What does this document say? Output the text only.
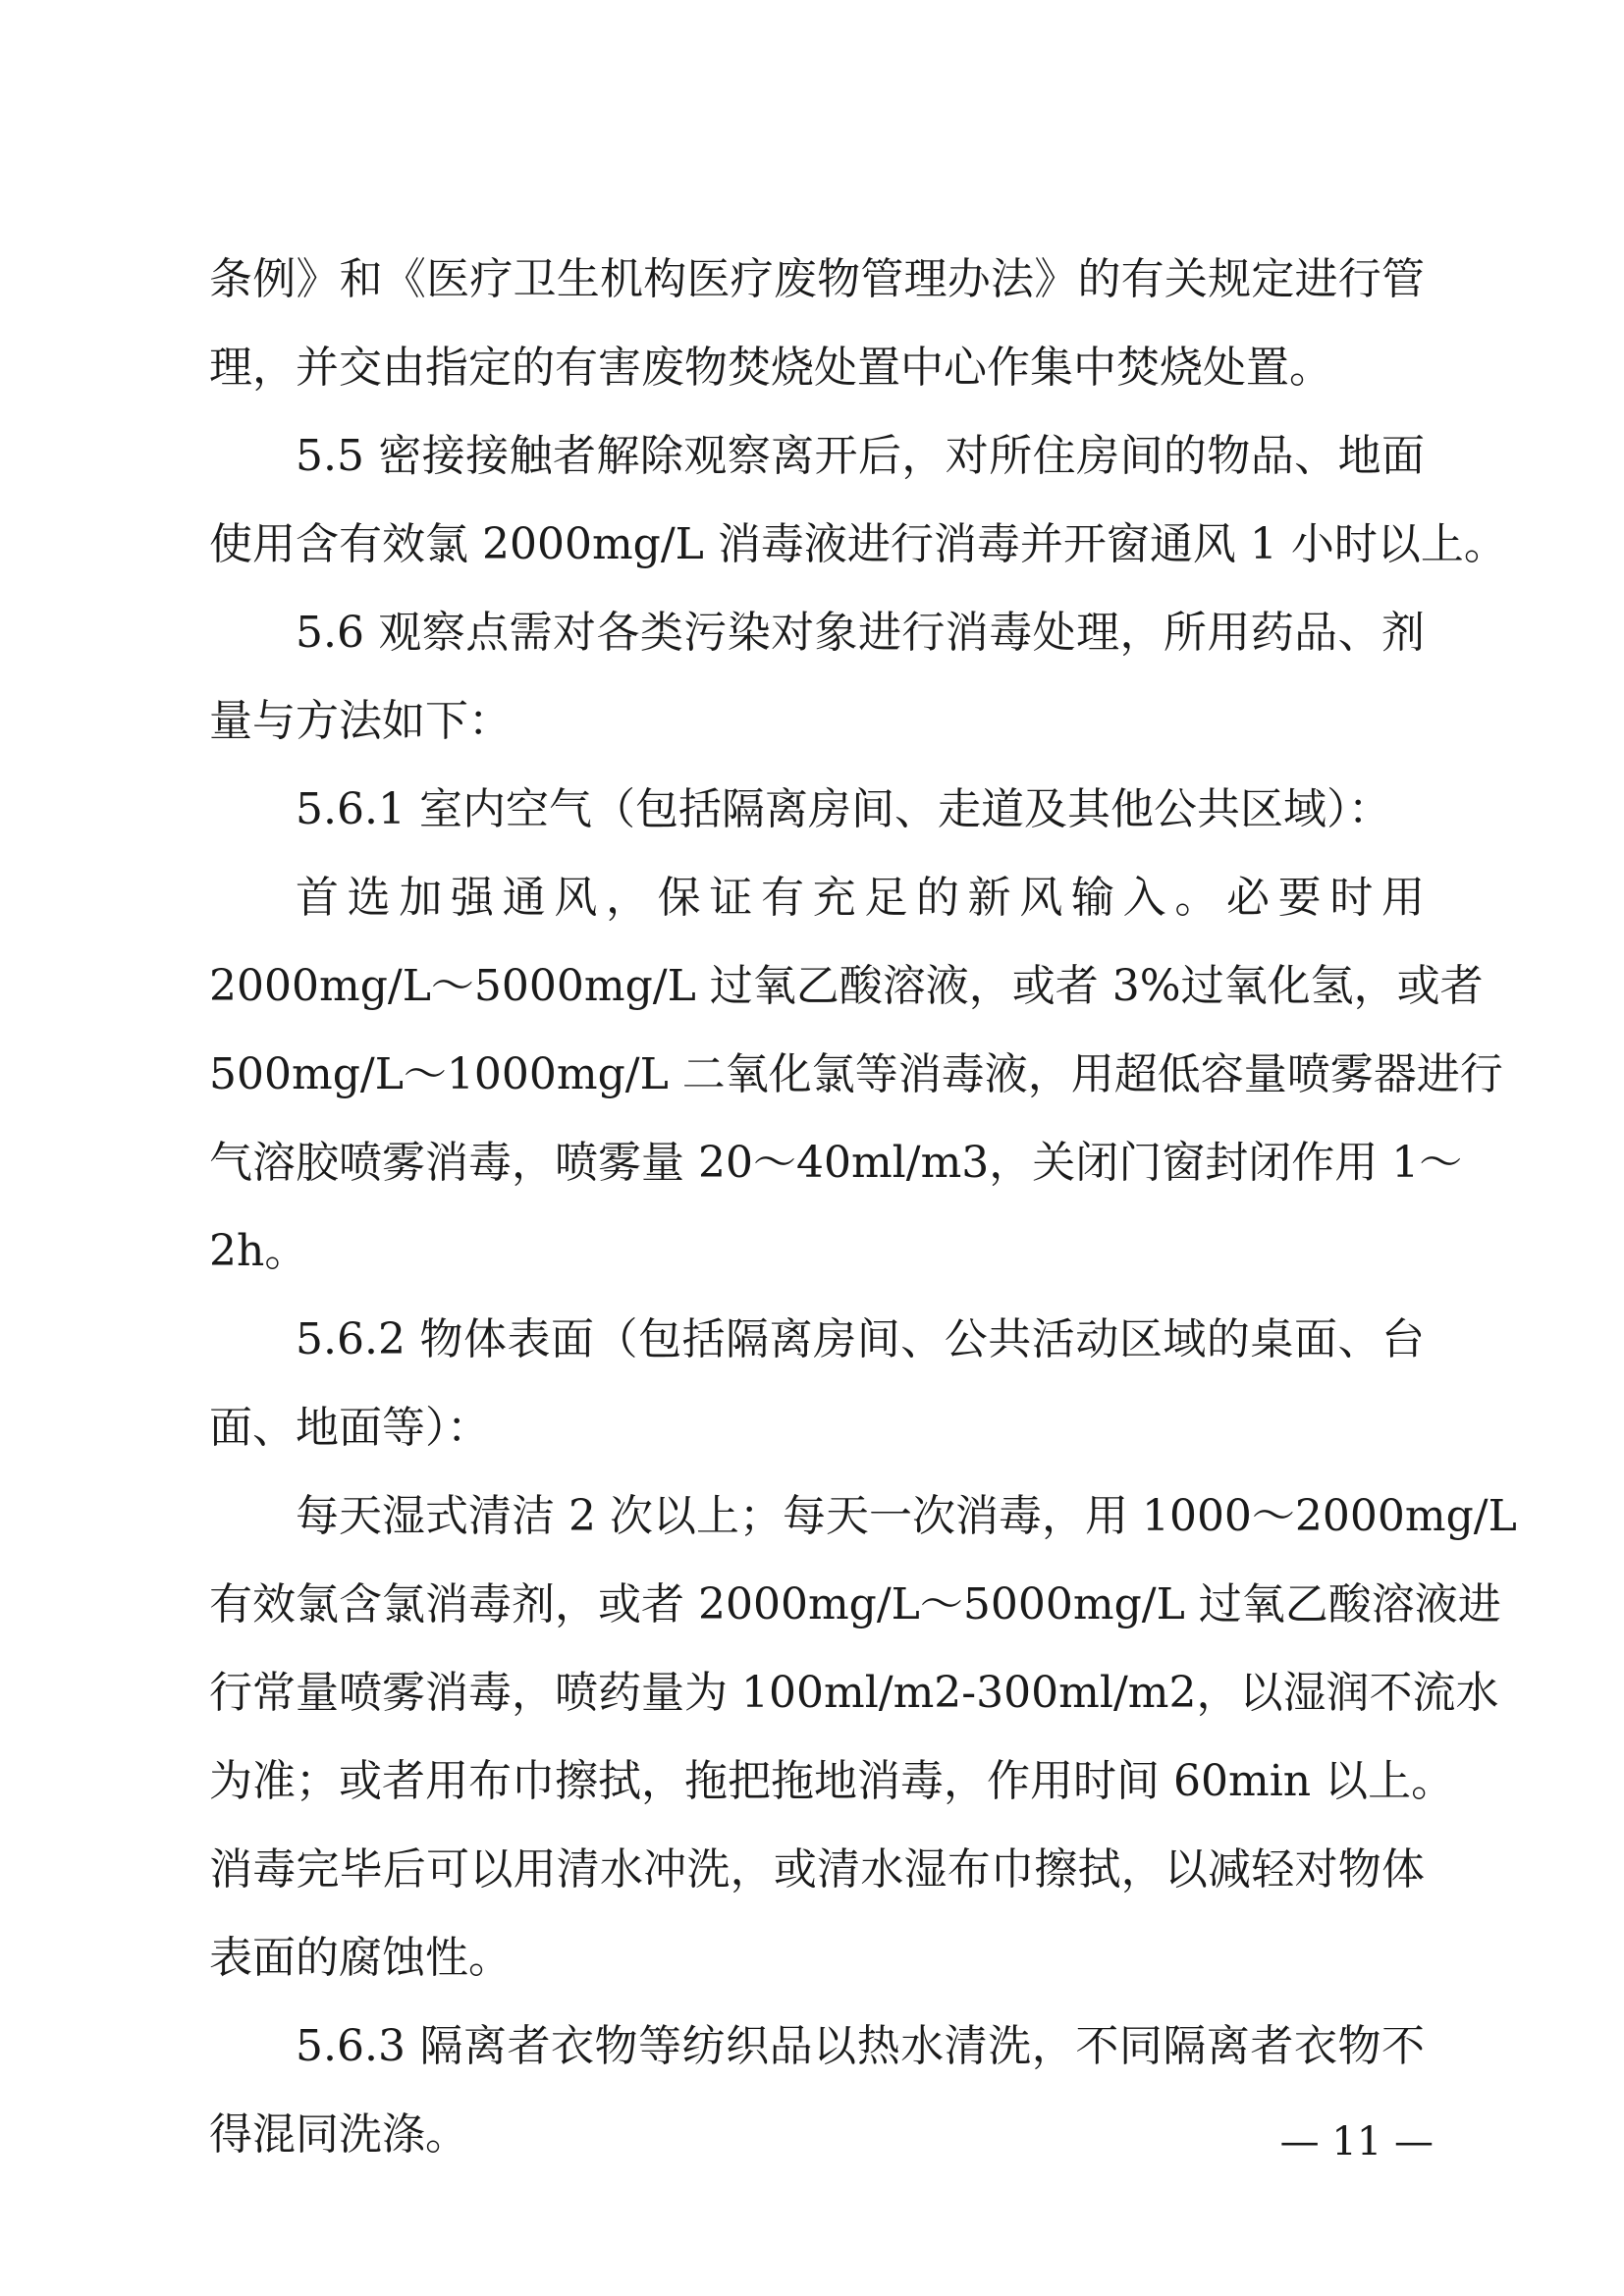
条例》和《医疗卫生机构医疗废物管理办法》的有关规定进行管
理，并交由指定的有害废物焚烧处置中心作集中焚烧处置。
5.5 密接接触者解除观察离开后，对所住房间的物品、地面
使用含有效氯 2000mg/L 消毒液进行消毒并开窗通风 1 小时以上。
5.6 观察点需对各类污染对象进行消毒处理，所用药品、剂
量与方法如下：
5.6.1 室内空气（包括隔离房间、走道及其他公共区域）：
首选加强通风，保证有充足的新风输入。必要时用
2000mg/L～5000mg/L 过氧乙酸溶液，或者 3%过氧化氢，或者
500mg/L～1000mg/L 二氧化氯等消毒液，用超低容量喷雾器进行
气溶胶喷雾消毒，喷雾量 20～40ml/m3，关闭门窗封闭作用 1～
2h。
5.6.2 物体表面（包括隔离房间、公共活动区域的桌面、台
面、地面等）：
每天湿式清洁 2 次以上；每天一次消毒，用 1000～2000mg/L
有效氯含氯消毒剂，或者 2000mg/L～5000mg/L 过氧乙酸溶液进
行常量喷雾消毒，喷药量为 100ml/m2-300ml/m2，以湿润不流水
为准；或者用布巾擦拭，拖把拖地消毒，作用时间 60min 以上。
消毒完毕后可以用清水冲洗，或清水湿布巾擦拭，以减轻对物体
表面的腐蚀性。
5.6.3 隔离者衣物等纺织品以热水清洗，不同隔离者衣物不
得混同洗涤。	— 11 —
